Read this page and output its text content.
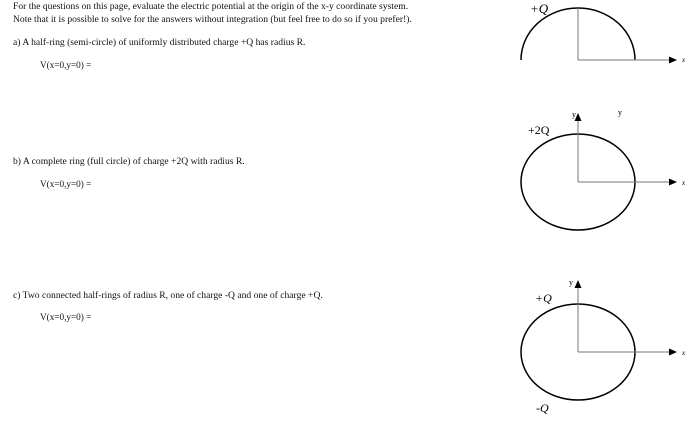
For the questions on this page, evaluate the electric potential at the origin of the x-y coordinate system.
Note that it is possible to solve for the answers without integration (but feel free to do so if you prefer!).
a) A half-ring (semi-circle) of uniformly distributed charge +Q has radius R.
V(x=0,y=0) =
b) A complete ring (full circle) of charge +2Q with radius R.
V(x=0,y=0) =
c) Two connected half-rings of radius R, one of charge -Q and one of charge +Q.
V(x=0,y=0) =
+Q
x
+2Q
y	y
x
+Q
-Q
y
x
